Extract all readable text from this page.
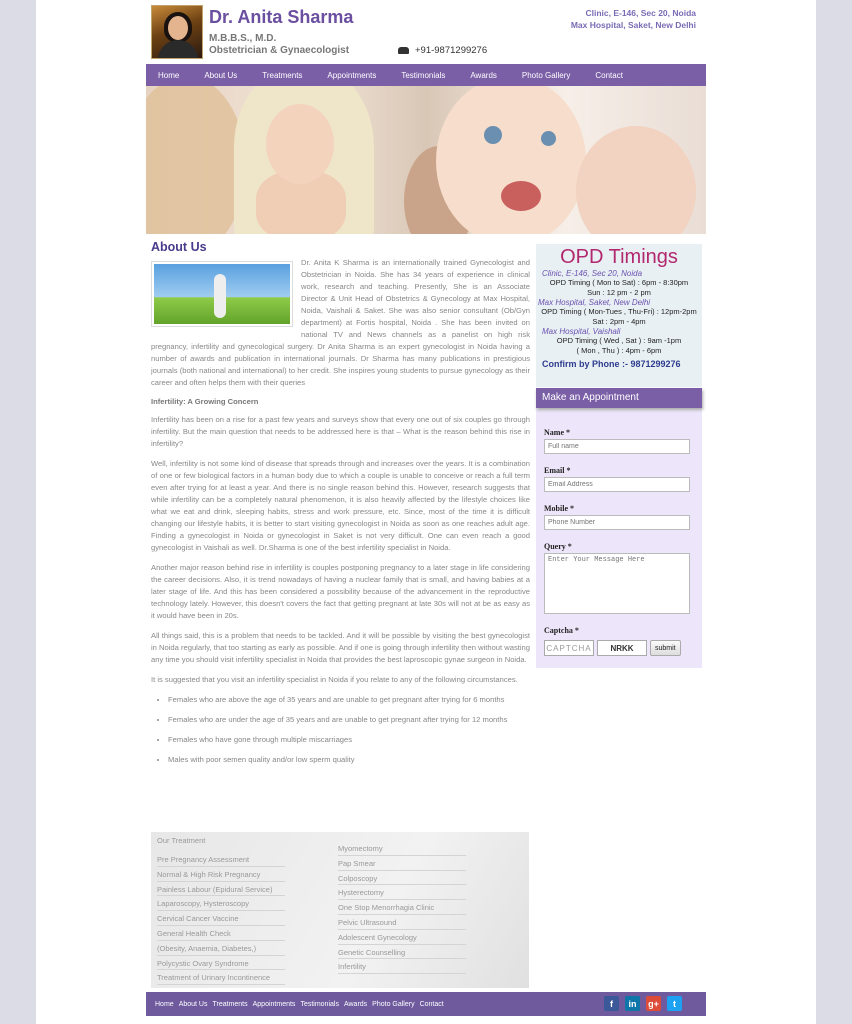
Dr. Anita Sharma
M.B.B.S., M.D.
Obstetrician & Gynaecologist	+91-9871299276
Clinic, E-146, Sec 20, Noida
Max Hospital, Saket, New Delhi
Home	About Us	Treatments	Appointments	Testimonials	Awards	Photo Gallery	Contact
About Us

Dr. Anita K Sharma is an internationally trained Gynecologist and Obstetrician in Noida. She has 34 years of experience in clinical work, research and teaching. Presently, She is an Associate Director & Unit Head of Obstetrics & Gynecology at Max Hospital, Noida, Vaishali & Saket. She was also senior consultant (Ob/Gyn department) at Fortis hospital, Noida . She has been invited on national TV and News channels as a panelist on high risk pregnancy, infertility and gynecological surgery. Dr Anita Sharma is an expert gynecologist in Noida having a number of awards and publication in international journals. Dr Sharma has many publications in prestigious journals (both national and international) to her credit. She inspires young students to pursue gynecology as their career and often helps them with their queries

Infertility: A Growing Concern

Infertility has been on a rise for a past few years and surveys show that every one out of six couples go through infertility. But the main question that needs to be addressed here is that – What is the reason behind this rise in infertility?

Well, infertility is not some kind of disease that spreads through and increases over the years. It is a combination of one or few biological factors in a human body due to which a couple is unable to conceive or reach a full term even after trying for at least a year. And there is no single reason behind this. However, research suggests that while infertility can be a completely natural phenomenon, it is also heavily affected by the lifestyle choices like what we eat and drink, sleeping habits, stress and work pressure, etc. Since, most of the time it is difficult changing our lifestyle habits, it is better to start visiting gynecologist in Noida as soon as one reaches adult age. Finding a gynecologist in Noida or gynecologist in Saket is not very difficult. One can even reach a good gynecologist in Vaishali as well. Dr.Sharma is one of the best infertility specialist in Noida.

Another major reason behind rise in infertility is couples postponing pregnancy to a later stage in life considering the career decisions. Also, it is trend nowadays of having a nuclear family that is small, and having babies at a later stage of life. And this has been considered a possibility because of the advancement in the reproductive technology lately. However, this doesn't covers the fact that getting pregnant at late 30s will not at be as easy as it would have been in 20s.

All things said, this is a problem that needs to be tackled. And it will be possible by visiting the best gynecologist in Noida regularly, that too starting as early as possible. And if one is going through infertility then without wasting any time you should visit infertility specialist in Noida that provides the best laproscopic gynae surgeon in Noida.

It is suggested that you visit an infertility specialist in Noida if you relate to any of the following circumstances.

• Females who are above the age of 35 years and are unable to get pregnant after trying for 6 months
• Females who are under the age of 35 years and are unable to get pregnant after trying for 12 months
• Females who have gone through multiple miscarriages
• Males with poor semen quality and/or low sperm quality
Our Treatment
Pre Pregnancy Assessment
Normal & High Risk Pregnancy
Painless Labour (Epidural Service)
Laparoscopy, Hysteroscopy
Cervical Cancer Vaccine
General Health Check
(Obesity, Anaemia, Diabetes,)
Polycystic Ovary Syndrome
Treatment of Urinary Incontinence
Myomectomy
Pap Smear
Colposcopy
Hysterectomy
One Stop Menorrhagia Clinic
Pelvic Ultrasound
Adolescent Gynecology
Genetic Counselling
Infertility
OPD Timings
Clinic, E-146, Sec 20, Noida
OPD Timing ( Mon to Sat) : 6pm - 8:30pm
Sun : 12 pm - 2 pm
Max Hospital, Saket, New Delhi
OPD Timing ( Mon-Tues , Thu-Fri) : 12pm-2pm
Sat : 2pm - 4pm
Max Hospital, Vaishali
OPD Timing ( Wed , Sat ) : 9am -1pm
( Mon , Thu ) : 4pm - 6pm
Confirm by Phone :- 9871299276
Make an Appointment
Name *
Full name
Email *
Email Address
Mobile *
Phone Number
Query *
Enter Your Message Here
Captcha *
CAPTCHA	NRKK	submit
Home About Us Treatments Appointments Testimonials Awards Photo Gallery Contact	f	in	g+	t
